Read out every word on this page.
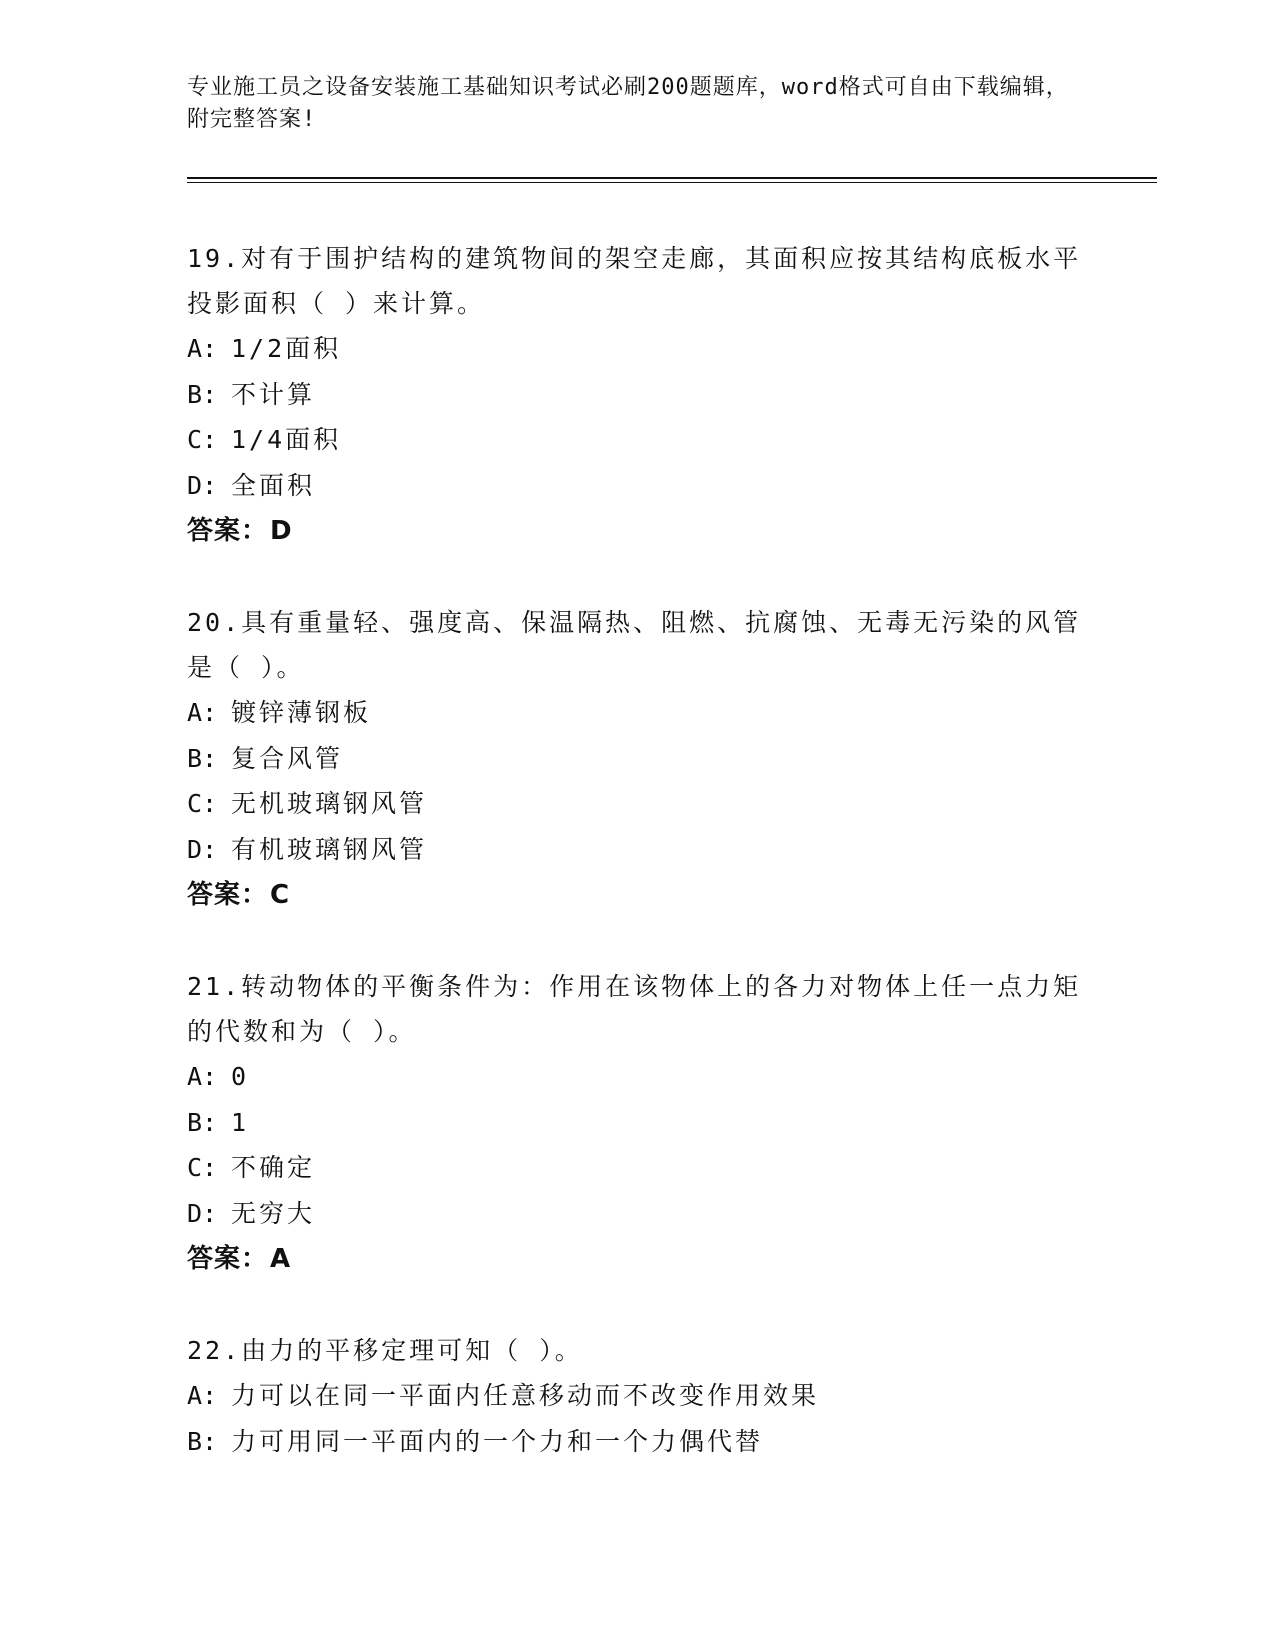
专业施工员之设备安装施工基础知识考试必刷200题题库，word格式可自由下载编辑，附完整答案!
19.对有于围护结构的建筑物间的架空走廊，其面积应按其结构底板水平投影面积（ ）来计算。
A: 1/2面积
B: 不计算
C: 1/4面积
D: 全面积
答案：D
20.具有重量轻、强度高、保温隔热、阻燃、抗腐蚀、无毒无污染的风管是（ ）。
A: 镀锌薄钢板
B: 复合风管
C: 无机玻璃钢风管
D: 有机玻璃钢风管
答案：C
21.转动物体的平衡条件为：作用在该物体上的各力对物体上任一点力矩的代数和为（ ）。
A: 0
B: 1
C: 不确定
D: 无穷大
答案：A
22.由力的平移定理可知（ ）。
A: 力可以在同一平面内任意移动而不改变作用效果
B: 力可用同一平面内的一个力和一个力偶代替
